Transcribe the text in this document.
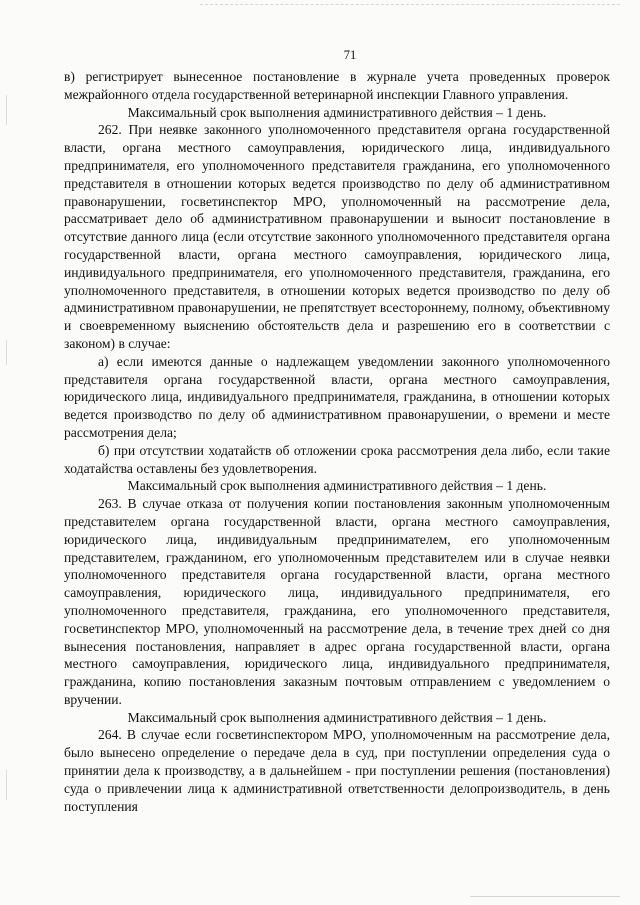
71

в) регистрирует вынесенное постановление в журнале учета проведенных проверок межрайонного отдела государственной ветеринарной инспекции Главного управления.

Максимальный срок выполнения административного действия – 1 день.

262. При неявке законного уполномоченного представителя органа государственной власти, органа местного самоуправления, юридического лица, индивидуального предпринимателя, его уполномоченного представителя гражданина, его уполномоченного представителя в отношении которых ведется производство по делу об административном правонарушении, госветинспектор МРО, уполномоченный на рассмотрение дела, рассматривает дело об административном правонарушении и выносит постановление в отсутствие данного лица (если отсутствие законного уполномоченного представителя органа государственной власти, органа местного самоуправления, юридического лица, индивидуального предпринимателя, его уполномоченного представителя, гражданина, его уполномоченного представителя, в отношении которых ведется производство по делу об административном правонарушении, не препятствует всестороннему, полному, объективному и своевременному выяснению обстоятельств дела и разрешению его в соответствии с законом) в случае:

а) если имеются данные о надлежащем уведомлении законного уполномоченного представителя органа государственной власти, органа местного самоуправления, юридического лица, индивидуального предпринимателя, гражданина, в отношении которых ведется производство по делу об административном правонарушении, о времени и месте рассмотрения дела;

б) при отсутствии ходатайств об отложении срока рассмотрения дела либо, если такие ходатайства оставлены без удовлетворения.

Максимальный срок выполнения административного действия – 1 день.

263. В случае отказа от получения копии постановления законным уполномоченным представителем органа государственной власти, органа местного самоуправления, юридического лица, индивидуальным предпринимателем, его уполномоченным представителем, гражданином, его уполномоченным представителем или в случае неявки уполномоченного представителя органа государственной власти, органа местного самоуправления, юридического лица, индивидуального предпринимателя, его уполномоченного представителя, гражданина, его уполномоченного представителя, госветинспектор МРО, уполномоченный на рассмотрение дела, в течение трех дней со дня вынесения постановления, направляет в адрес органа государственной власти, органа местного самоуправления, юридического лица, индивидуального предпринимателя, гражданина, копию постановления заказным почтовым отправлением с уведомлением о вручении.

Максимальный срок выполнения административного действия – 1 день.

264. В случае если госветинспектором МРО, уполномоченным на рассмотрение дела, было вынесено определение о передаче дела в суд, при поступлении определения суда о принятии дела к производству, а в дальнейшем - при поступлении решения (постановления) суда о привлечении лица к административной ответственности делопроизводитель, в день поступления
